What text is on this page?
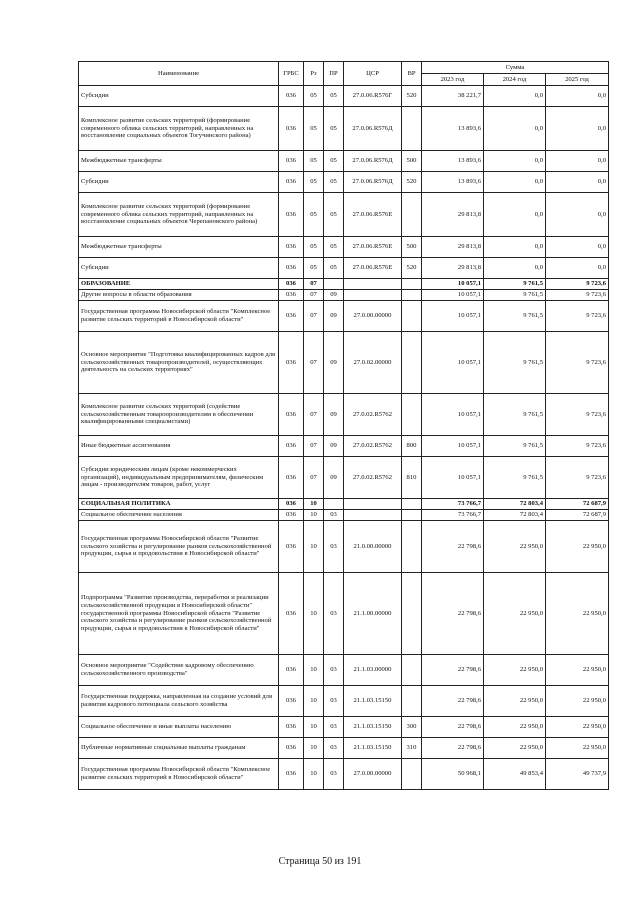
Наименование	ГРБС	Рз	ПР	ЦСР	ВР	Сумма		
						2023 год	2024 год	2025 год
Субсидии	036	05	05	27.0.06.R576Г	520	38 221,7	0,0	0,0
Комплексное развитие сельских территорий (формирование современного облика сельских территорий, направленных на восстановление социальных объектов Тогучинского района)	036	05	05	27.0.06.R576Д		13 893,6	0,0	0,0
Межбюджетные трансферты	036	05	05	27.0.06.R576Д	500	13 893,6	0,0	0,0
Субсидии	036	05	05	27.0.06.R576Д	520	13 893,6	0,0	0,0
Комплексное развитие сельских территорий (формирование современного облика сельских территорий, направленных на восстановление социальных объектов Черепановского района)	036	05	05	27.0.06.R576Е		29 813,8	0,0	0,0
Межбюджетные трансферты	036	05	05	27.0.06.R576Е	500	29 813,8	0,0	0,0
Субсидии	036	05	05	27.0.06.R576Е	520	29 813,8	0,0	0,0
ОБРАЗОВАНИЕ	036	07				10 057,1	9 761,5	9 723,6
Другие вопросы в области образования	036	07	09			10 057,1	9 761,5	9 723,6
Государственная программа Новосибирской области "Комплексное развитие сельских территорий в Новосибирской области"	036	07	09	27.0.00.00000		10 057,1	9 761,5	9 723,6
Основное мероприятие "Подготовка квалифицированных кадров для сельскохозяйственных товаропроизводителей, осуществляющих деятельность на сельских территориях"	036	07	09	27.0.02.00000		10 057,1	9 761,5	9 723,6
Комплексное развитие сельских территорий (содействие сельскохозяйственным товаропроизводителям в обеспечении квалифицированными специалистами)	036	07	09	27.0.02.R5762		10 057,1	9 761,5	9 723,6
Иные бюджетные ассигнования	036	07	09	27.0.02.R5762	800	10 057,1	9 761,5	9 723,6
Субсидии юридическим лицам (кроме некоммерческих организаций), индивидуальным предпринимателям, физическим лицам - производителям товаров, работ, услуг	036	07	09	27.0.02.R5762	810	10 057,1	9 761,5	9 723,6
СОЦИАЛЬНАЯ ПОЛИТИКА	036	10				73 766,7	72 803,4	72 687,9
Социальное обеспечение населения	036	10	03			73 766,7	72 803,4	72 687,9
Государственная программа Новосибирской области "Развитие сельского хозяйства и регулирование рынков сельскохозяйственной продукции, сырья и продовольствия в Новосибирской области"	036	10	03	21.0.00.00000		22 798,6	22 950,0	22 950,0
Подпрограмма "Развитие производства, переработки и реализации сельскохозяйственной продукции в Новосибирской области" государственной программы Новосибирской области "Развитие сельского хозяйства и регулирование рынков сельскохозяйственной продукции, сырья и продовольствия в Новосибирской области"	036	10	03	21.1.00.00000		22 798,6	22 950,0	22 950,0
Основное мероприятие "Содействие кадровому обеспечению сельскохозяйственного производства"	036	10	03	21.1.03.00000		22 798,6	22 950,0	22 950,0
Государственная поддержка, направленная на создание условий для развития кадрового потенциала сельского хозяйства	036	10	03	21.1.03.15150		22 798,6	22 950,0	22 950,0
Социальное обеспечение и иные выплаты населению	036	10	03	21.1.03.15150	300	22 798,6	22 950,0	22 950,0
Публичные нормативные социальные выплаты гражданам	036	10	03	21.1.03.15150	310	22 798,6	22 950,0	22 950,0
Государственная программа Новосибирской области "Комплексное развитие сельских территорий в Новосибирской области"	036	10	03	27.0.00.00000		50 968,1	49 853,4	49 737,9
Страница 50 из 191
